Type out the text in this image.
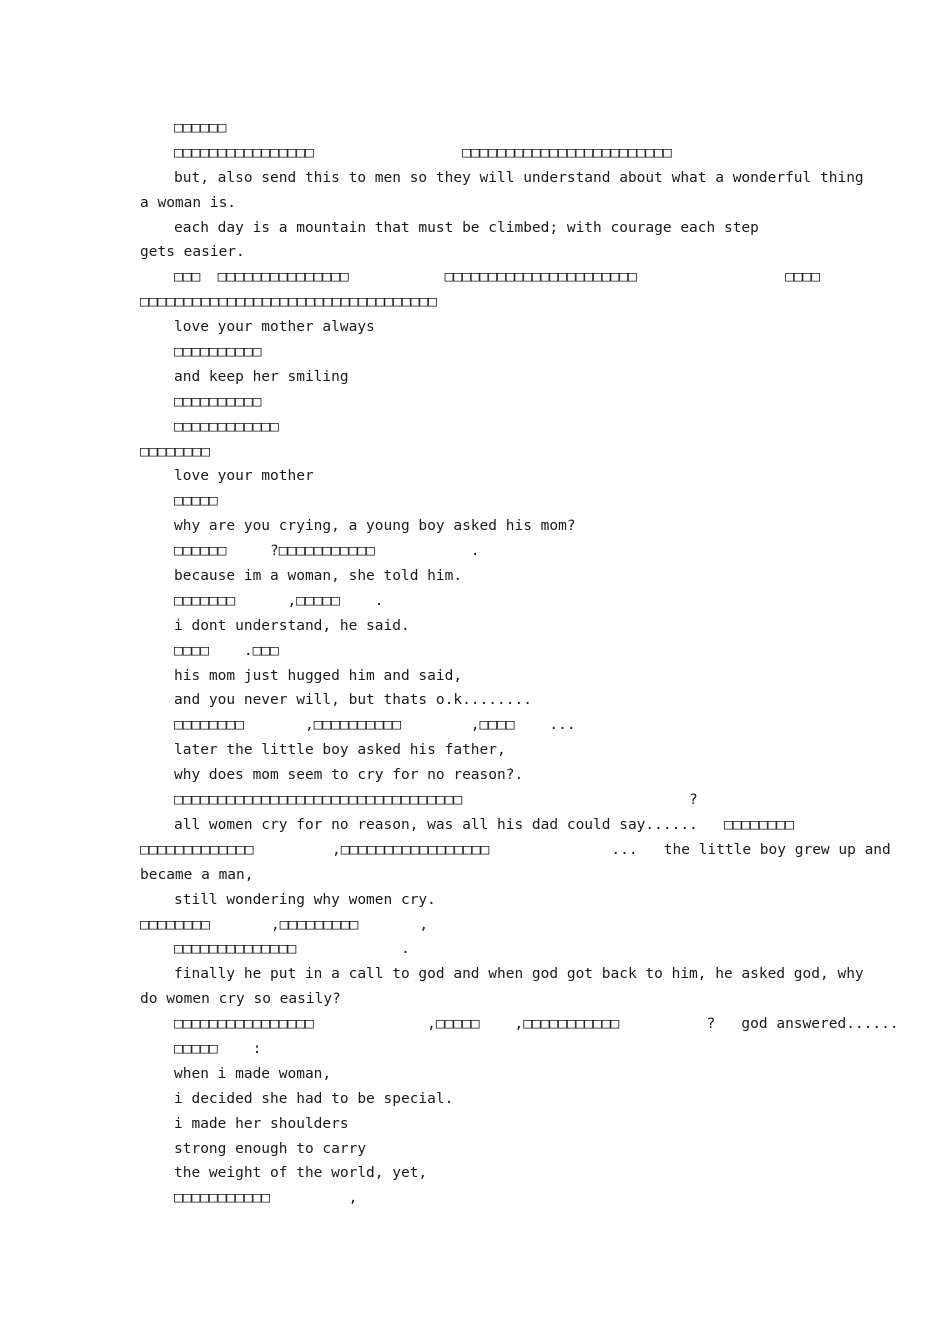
□□□□□□
□□□□□□□□□□□□□□□□                 □□□□□□□□□□□□□□□□□□□□□□□□
but, also send this to men so they will understand about what a wonderful thing
a woman is.
each day is a mountain that must be climbed; with courage each step
gets easier.
□□□  □□□□□□□□□□□□□□□           □□□□□□□□□□□□□□□□□□□□□□                 □□□□
□□□□□□□□□□□□□□□□□□□□□□□□□□□□□□□□□□
love your mother always
□□□□□□□□□□
and keep her smiling
□□□□□□□□□□
□□□□□□□□□□□□
□□□□□□□□
love your mother
□□□□□
why are you crying, a young boy asked his mom?
□□□□□□     ?□□□□□□□□□□□           .
because im a woman, she told him.
□□□□□□□      ,□□□□□    .
i dont understand, he said.
□□□□    .□□□
his mom just hugged him and said,
and you never will, but thats o.k........
□□□□□□□□       ,□□□□□□□□□□        ,□□□□    ...
later the little boy asked his father,
why does mom seem to cry for no reason?.
□□□□□□□□□□□□□□□□□□□□□□□□□□□□□□□□□                          ?
all women cry for no reason, was all his dad could say......   □□□□□□□□
□□□□□□□□□□□□□         ,□□□□□□□□□□□□□□□□□              ...   the little boy grew up and
became a man,
still wondering why women cry.
□□□□□□□□       ,□□□□□□□□□       ,
□□□□□□□□□□□□□□            .
finally he put in a call to god and when god got back to him, he asked god, why
do women cry so easily?
□□□□□□□□□□□□□□□□             ,□□□□□    ,□□□□□□□□□□□          ?   god answered......
□□□□□    :
when i made woman,
i decided she had to be special.
i made her shoulders
strong enough to carry
the weight of the world, yet,
□□□□□□□□□□□         ,
